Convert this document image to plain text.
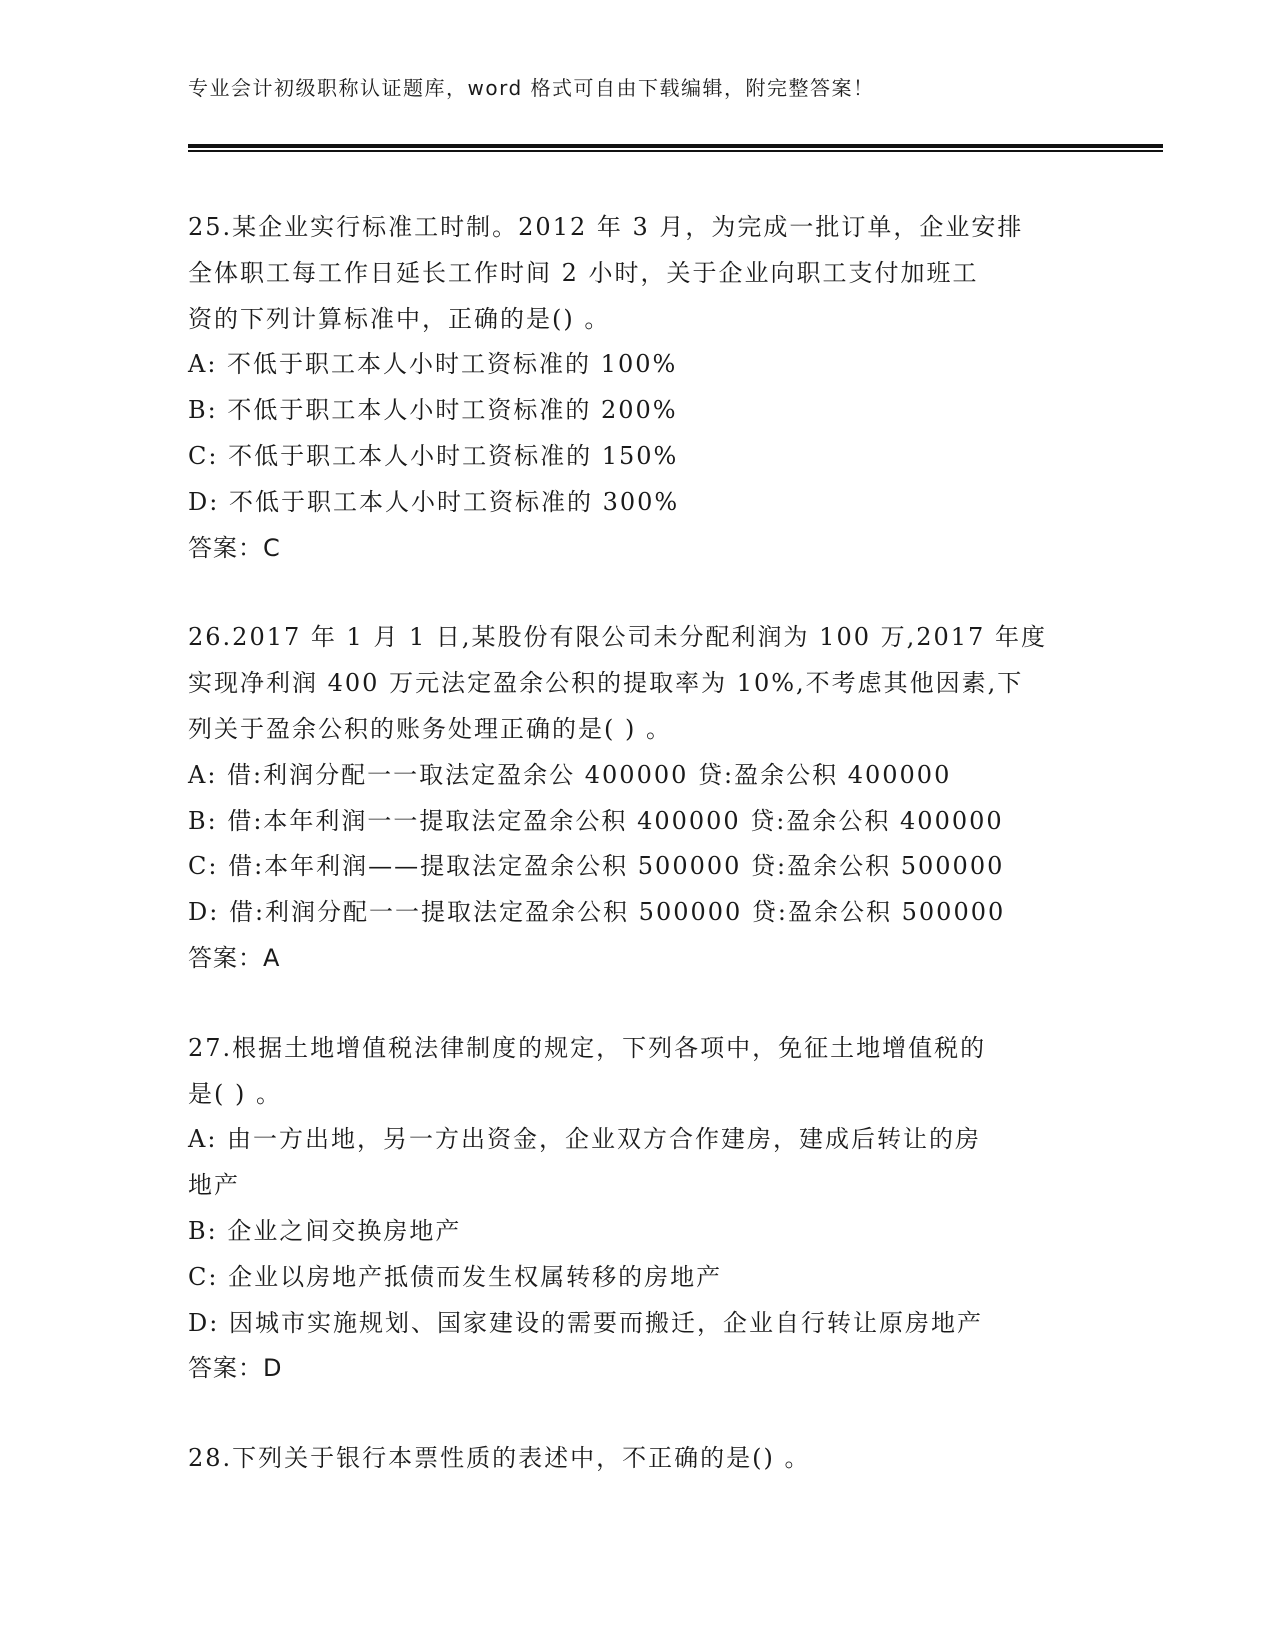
专业会计初级职称认证题库，word 格式可自由下载编辑，附完整答案！
25.某企业实行标准工时制。2012 年 3 月，为完成一批订单，企业安排
全体职工每工作日延长工作时间 2 小时，关于企业向职工支付加班工
资的下列计算标准中，正确的是() 。
A: 不低于职工本人小时工资标准的 100%
B: 不低于职工本人小时工资标准的 200%
C: 不低于职工本人小时工资标准的 150%
D: 不低于职工本人小时工资标准的 300%
答案：C
26.2017 年 1 月 1 日,某股份有限公司未分配利润为 100 万,2017 年度
实现净利润 400 万元法定盈余公积的提取率为 10%,不考虑其他因素,下
列关于盈余公积的账务处理正确的是( ) 。
A: 借:利润分配一一取法定盈余公 400000 贷:盈余公积 400000
B: 借:本年利润一一提取法定盈余公积 400000 贷:盈余公积 400000
C: 借:本年利润——提取法定盈余公积 500000 贷:盈余公积 500000
D: 借:利润分配一一提取法定盈余公积 500000 贷:盈余公积 500000
答案：A
27.根据土地增值税法律制度的规定，下列各项中，免征土地增值税的
是( ) 。
A: 由一方出地，另一方出资金，企业双方合作建房，建成后转让的房
地产
B: 企业之间交换房地产
C: 企业以房地产抵债而发生权属转移的房地产
D: 因城市实施规划、国家建设的需要而搬迁，企业自行转让原房地产
答案：D
28.下列关于银行本票性质的表述中，不正确的是() 。
